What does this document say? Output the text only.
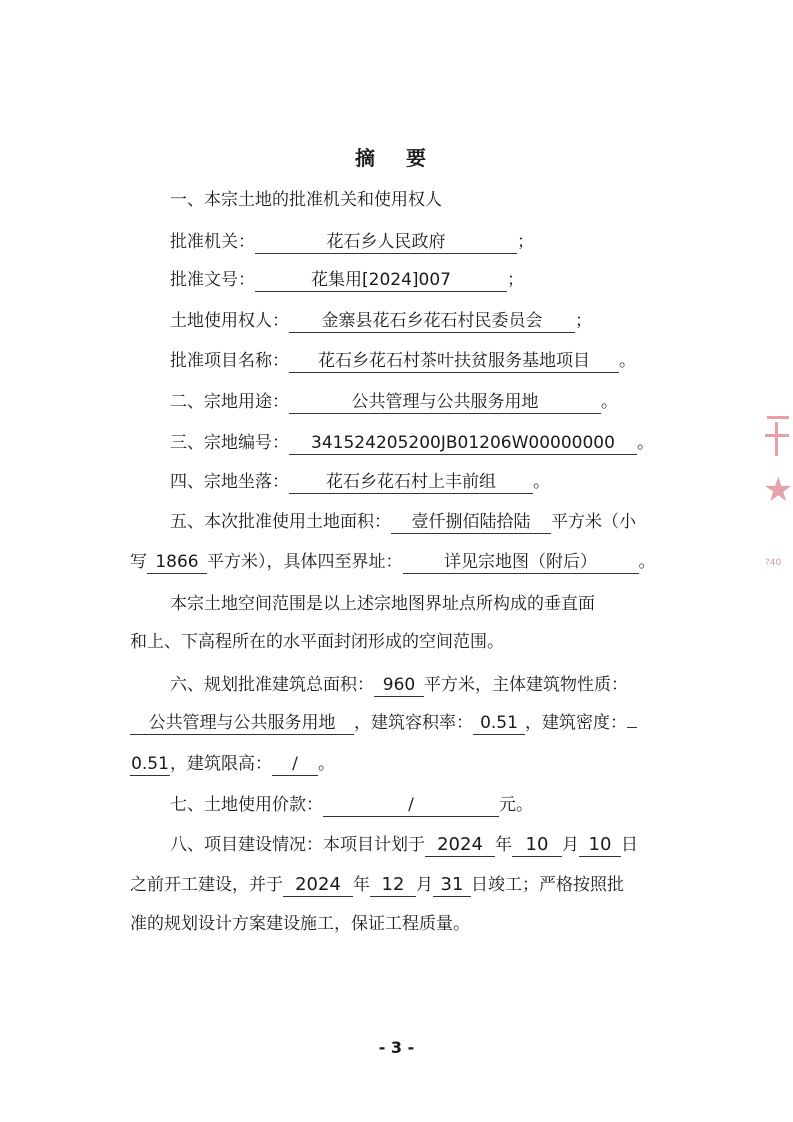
摘 要
一、本宗土地的批准机关和使用权人
批准机关：	花石乡人民政府	；
批准文号：	花集用[2024]007	；
土地使用权人： 金寨县花石乡花石村民委员会 ；
批准项目名称： 花石乡花石村茶叶扶贫服务基地项目 。
二、宗地用途：	公共管理与公共服务用地	。
三、宗地编号： 341524205200JB01206W00000000 。
四、宗地坐落： 花石乡花石村上丰前组 。
五、本次批准使用土地面积： 壹仟捌佰陆拾陆 平方米（小
写 1866 平方米），具体四至界址： 详见宗地图（附后） 。
本宗土地空间范围是以上述宗地图界址点所构成的垂直面
和上、下高程所在的水平面封闭形成的空间范围。
六、规划批准建筑总面积： 960 平方米，主体建筑物性质：
公共管理与公共服务用地 ，建筑容积率： 0.51 ，建筑密度：
0.51，建筑限高： / 。
七、土地使用价款：	/	元。
八、项目建设情况：本项目计划于 2024 年 10 月 10 日
之前开工建设，并于 2024 年 12 月 31 日竣工；严格按照批
准的规划设计方案建设施工，保证工程质量。
- 3 -
★
?40
